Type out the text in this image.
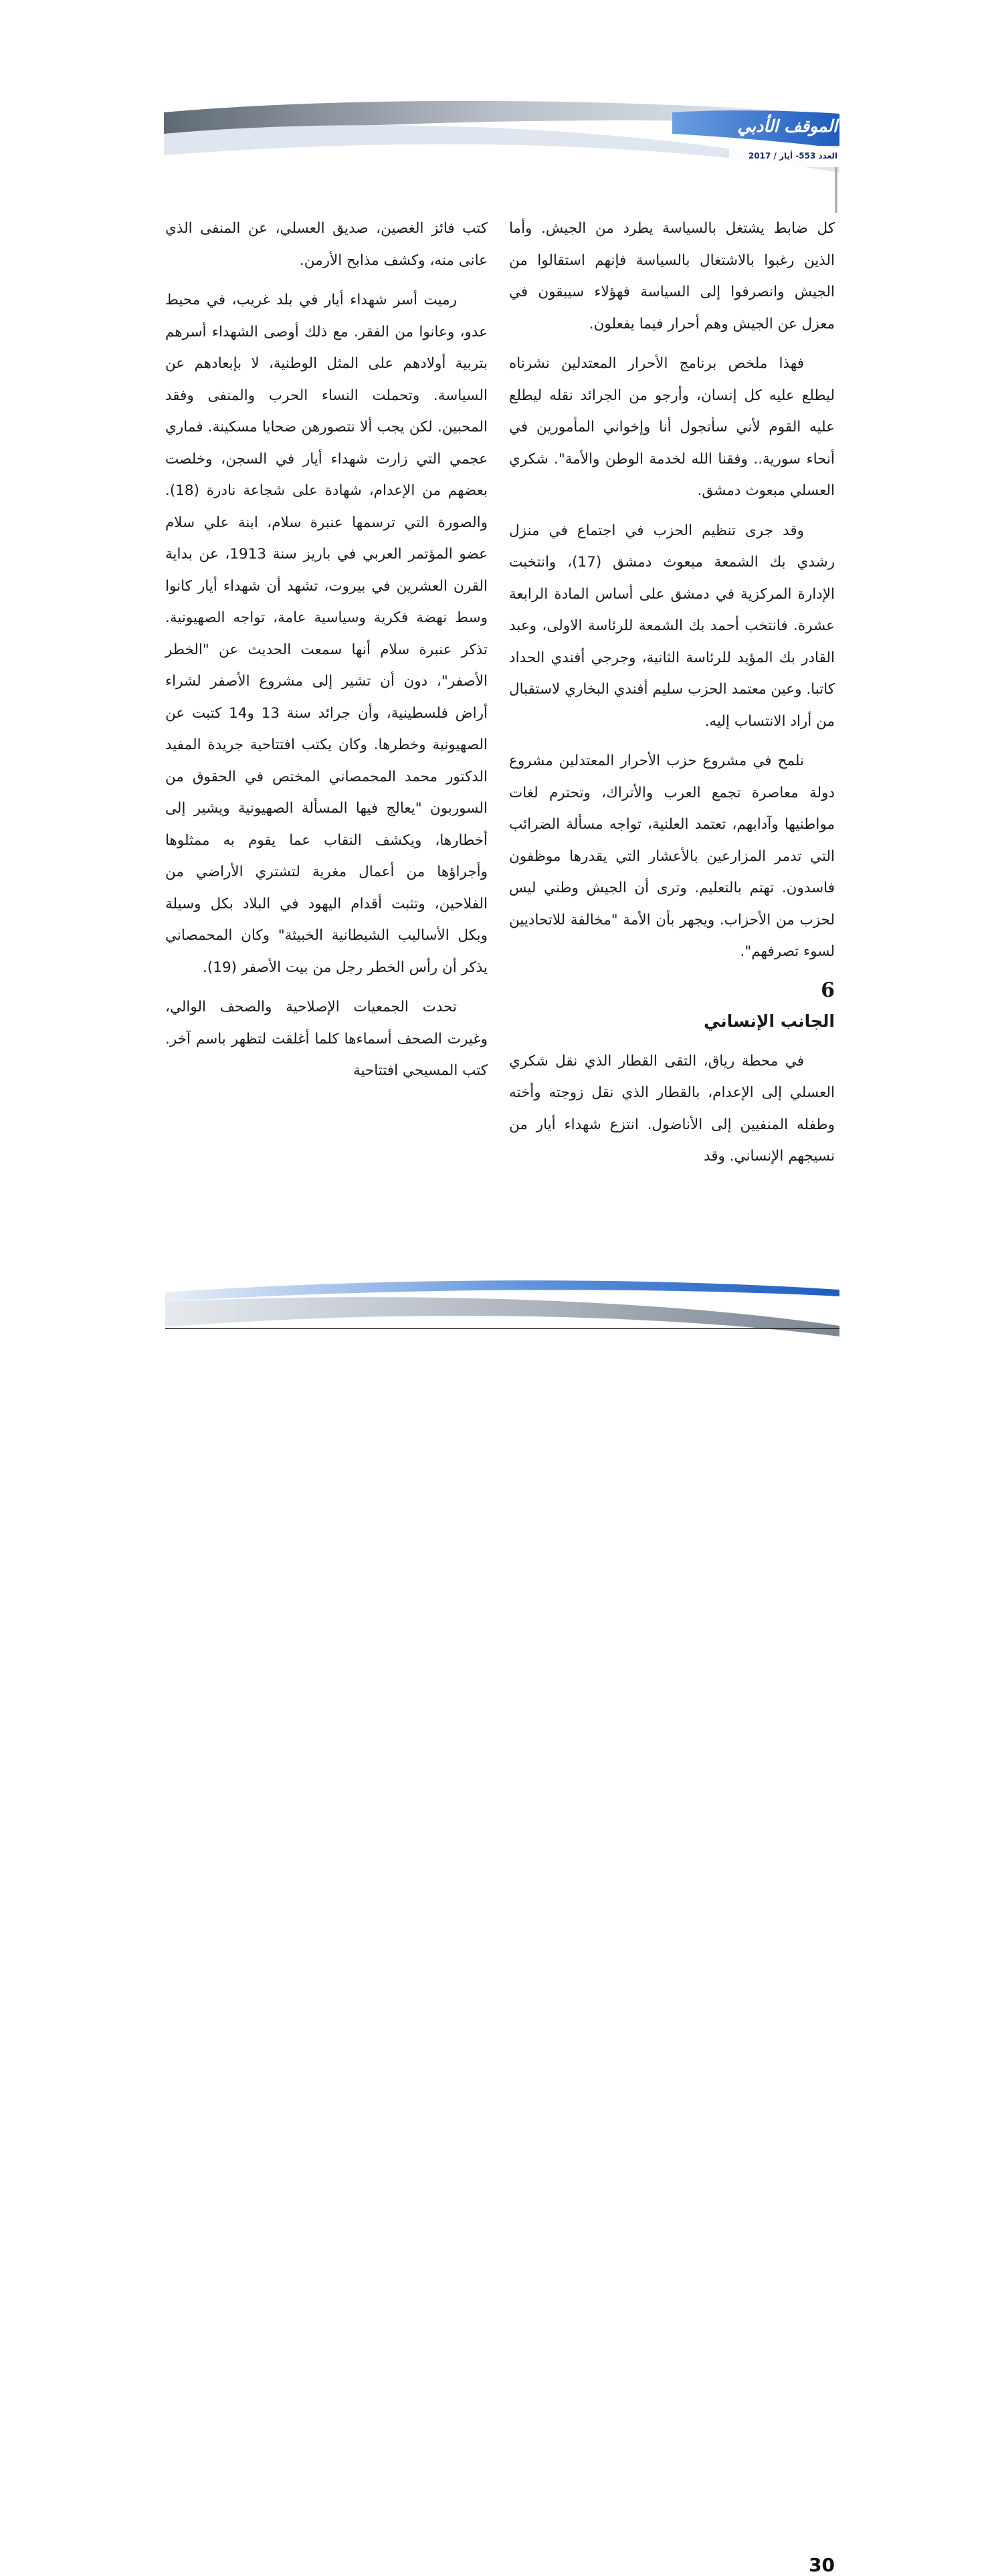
الموقف الأدبي
العدد 553- أيار / 2017

كل ضابط يشتغل بالسياسة يطرد من الجيش. وأما الذين رغبوا بالاشتغال بالسياسة فإنهم استقالوا من الجيش وانصرفوا إلى السياسة فهؤلاء سيبقون في معزل عن الجيش وهم أحرار فيما يفعلون.

فهذا ملخص برنامج الأحرار المعتدلين نشرناه ليطلع عليه كل إنسان، وأرجو من الجرائد نقله ليطلع عليه القوم لأني سأتجول أنا وإخواني المأمورين في أنحاء سورية.. وفقنا الله لخدمة الوطن والأمة". شكري العسلي مبعوث دمشق.

وقد جرى تنظيم الحزب في اجتماع في منزل رشدي بك الشمعة مبعوث دمشق (17)، وانتخبت الإدارة المركزية في دمشق على أساس المادة الرابعة عشرة. فانتخب أحمد بك الشمعة للرئاسة الاولى، وعبد القادر بك المؤيد للرئاسة الثانية، وجرجي أفندي الحداد كاتبا. وعين معتمد الحزب سليم أفندي البخاري لاستقبال من أراد الانتساب إليه.

نلمح في مشروع حزب الأحرار المعتدلين مشروع دولة معاصرة تجمع العرب والأتراك، وتحترم لغات مواطنيها وآدابهم، تعتمد العلنية، تواجه مسألة الضرائب التي تدمر المزارعين بالأعشار التي يقدرها موظفون فاسدون. تهتم بالتعليم. وترى أن الجيش وطني ليس لحزب من الأحزاب. ويجهر بأن الأمة "مخالفة للاتحاديين لسوء تصرفهم".

6
الجانب الإنساني

في محطة رياق، التقى القطار الذي نقل شكري العسلي إلى الإعدام، بالقطار الذي نقل زوجته وأخته وطفله المنفيين إلى الأناضول. انتزع شهداء أيار من نسيجهم الإنساني. وقد

كتب فائز الغصين، صديق العسلي، عن المنفى الذي عانى منه، وكشف مذابح الأرمن.

رميت أسر شهداء أيار في بلد غريب، في محيط عدو، وعانوا من الفقر. مع ذلك أوصى الشهداء أسرهم بتربية أولادهم على المثل الوطنية، لا بإبعادهم عن السياسة. وتحملت النساء الحرب والمنفى وفقد المحبين. لكن يجب ألا نتصورهن ضحايا مسكينة. فماري عجمي التي زارت شهداء أيار في السجن، وخلصت بعضهم من الإعدام، شهادة على شجاعة نادرة (18). والصورة التي ترسمها عنبرة سلام، ابنة علي سلام عضو المؤتمر العربي في باريز سنة 1913، عن بداية القرن العشرين في بيروت، تشهد أن شهداء أيار كانوا وسط نهضة فكرية وسياسية عامة، تواجه الصهيونية. تذكر عنبرة سلام أنها سمعت الحديث عن "الخطر الأصفر"، دون أن تشير إلى مشروع الأصفر لشراء أراض فلسطينية، وأن جرائد سنة 13 و14 كتبت عن الصهيونية وخطرها. وكان يكتب افتتاحية جريدة المفيد الدكتور محمد المحمصاني المختص في الحقوق من السوربون "يعالج فيها المسألة الصهيونية ويشير إلى أخطارها، ويكشف النقاب عما يقوم به ممثلوها وأجراؤها من أعمال مغرية لتشتري الأراضي من الفلاحين، وتثبت أقدام اليهود في البلاد بكل وسيلة وبكل الأساليب الشيطانية الخبيثة" وكان المحمصاني يذكر أن رأس الخطر رجل من بيت الأصفر (19).

تحدت الجمعيات الإصلاحية والصحف الوالي، وغيرت الصحف أسماءها كلما أغلقت لتظهر باسم آخر. كتب المسيحي افتتاحية

30
